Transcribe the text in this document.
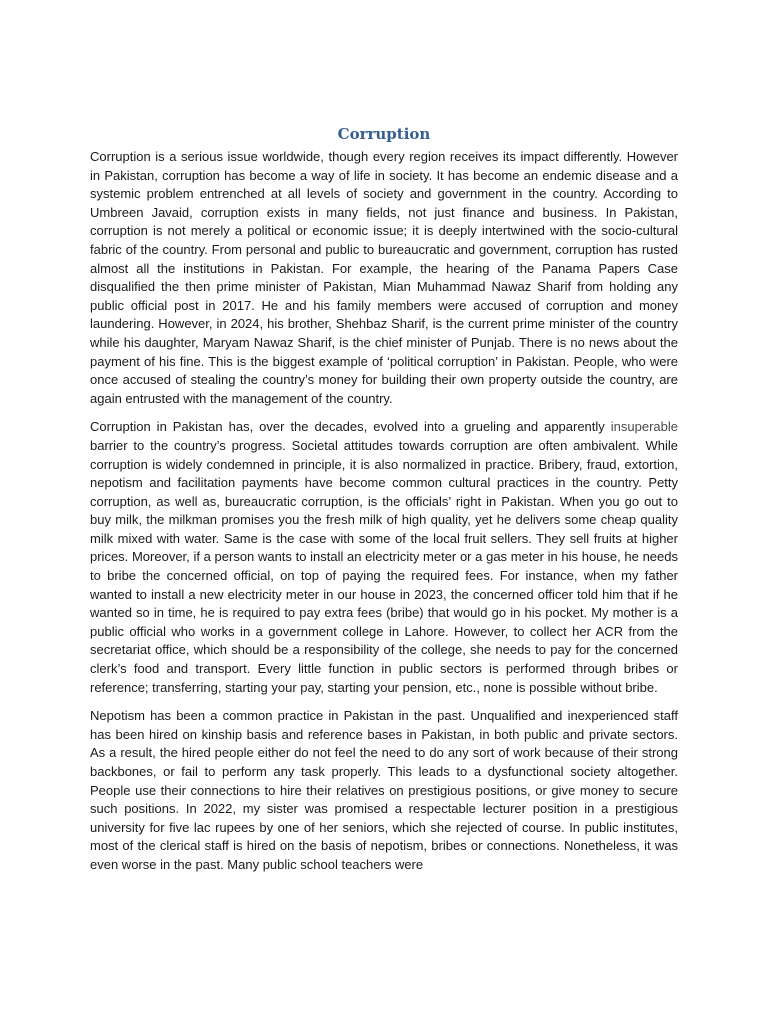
Corruption

Corruption is a serious issue worldwide, though every region receives its impact differently. However in Pakistan, corruption has become a way of life in society. It has become an endemic disease and a systemic problem entrenched at all levels of society and government in the country. According to Umbreen Javaid, corruption exists in many fields, not just finance and business. In Pakistan, corruption is not merely a political or economic issue; it is deeply intertwined with the socio-cultural fabric of the country. From personal and public to bureaucratic and government, corruption has rusted almost all the institutions in Pakistan. For example, the hearing of the Panama Papers Case disqualified the then prime minister of Pakistan, Mian Muhammad Nawaz Sharif from holding any public official post in 2017. He and his family members were accused of corruption and money laundering. However, in 2024, his brother, Shehbaz Sharif, is the current prime minister of the country while his daughter, Maryam Nawaz Sharif, is the chief minister of Punjab. There is no news about the payment of his fine. This is the biggest example of ‘political corruption’ in Pakistan. People, who were once accused of stealing the country’s money for building their own property outside the country, are again entrusted with the management of the country.

Corruption in Pakistan has, over the decades, evolved into a grueling and apparently insuperable barrier to the country’s progress. Societal attitudes towards corruption are often ambivalent. While corruption is widely condemned in principle, it is also normalized in practice. Bribery, fraud, extortion, nepotism and facilitation payments have become common cultural practices in the country. Petty corruption, as well as, bureaucratic corruption, is the officials’ right in Pakistan. When you go out to buy milk, the milkman promises you the fresh milk of high quality, yet he delivers some cheap quality milk mixed with water. Same is the case with some of the local fruit sellers. They sell fruits at higher prices. Moreover, if a person wants to install an electricity meter or a gas meter in his house, he needs to bribe the concerned official, on top of paying the required fees. For instance, when my father wanted to install a new electricity meter in our house in 2023, the concerned officer told him that if he wanted so in time, he is required to pay extra fees (bribe) that would go in his pocket. My mother is a public official who works in a government college in Lahore. However, to collect her ACR from the secretariat office, which should be a responsibility of the college, she needs to pay for the concerned clerk’s food and transport. Every little function in public sectors is performed through bribes or reference; transferring, starting your pay, starting your pension, etc., none is possible without bribe.

Nepotism has been a common practice in Pakistan in the past. Unqualified and inexperienced staff has been hired on kinship basis and reference bases in Pakistan, in both public and private sectors. As a result, the hired people either do not feel the need to do any sort of work because of their strong backbones, or fail to perform any task properly. This leads to a dysfunctional society altogether. People use their connections to hire their relatives on prestigious positions, or give money to secure such positions. In 2022, my sister was promised a respectable lecturer position in a prestigious university for five lac rupees by one of her seniors, which she rejected of course. In public institutes, most of the clerical staff is hired on the basis of nepotism, bribes or connections. Nonetheless, it was even worse in the past. Many public school teachers were
